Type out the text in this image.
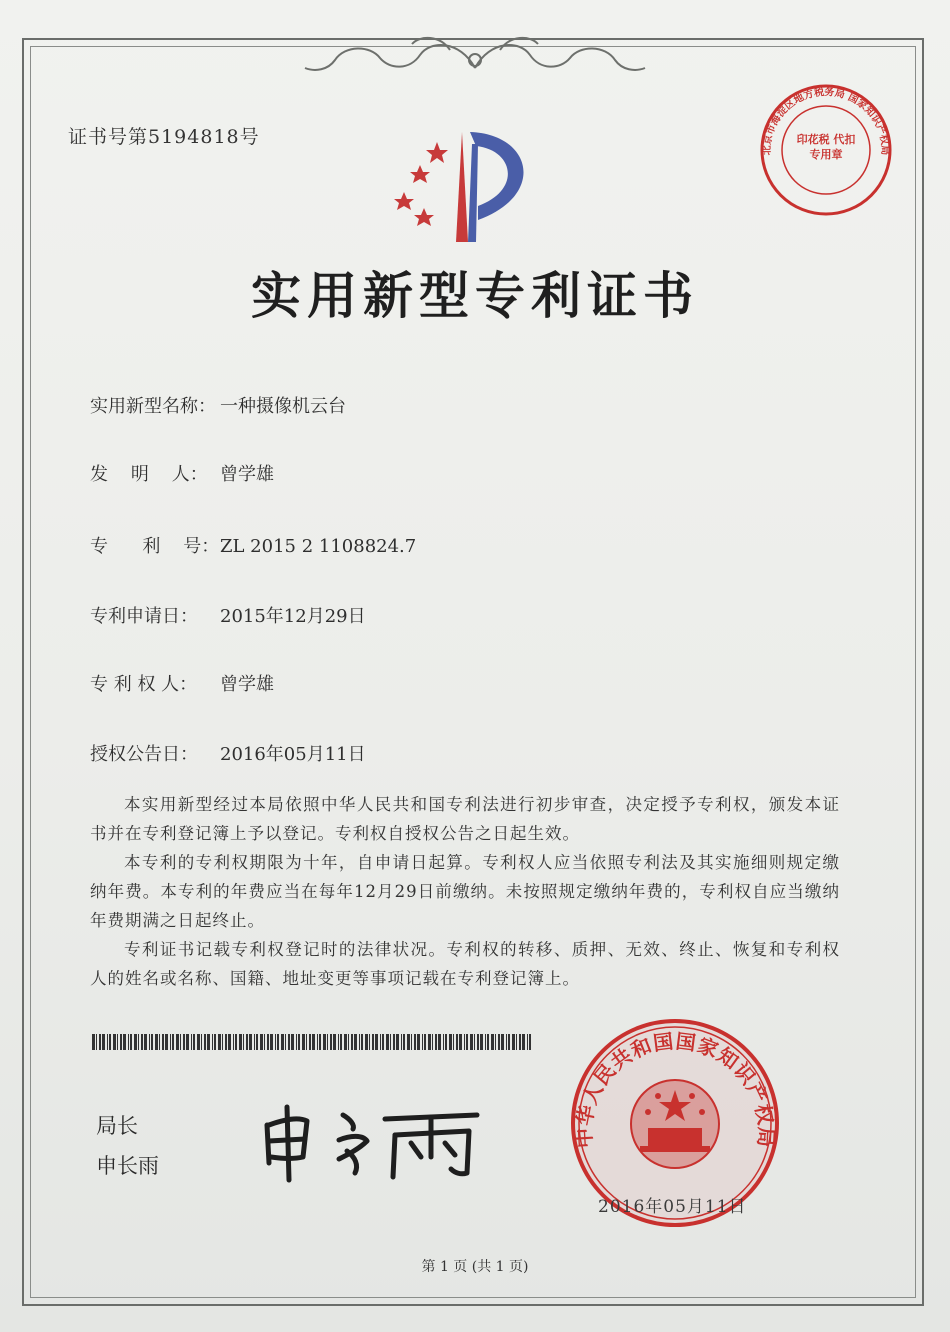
证书号第5194818号
实用新型专利证书
实用新型名称： 一种摄像机云台
发    明    人： 曾学雄
专      利    号：ZL 2015 2 1108824.7
专利申请日： 2015年12月29日
专 利 权 人： 曾学雄
授权公告日： 2016年05月11日
本实用新型经过本局依照中华人民共和国专利法进行初步审查，决定授予专利权，颁发本证书并在专利登记簿上予以登记。专利权自授权公告之日起生效。
本专利的专利权期限为十年，自申请日起算。专利权人应当依照专利法及其实施细则规定缴纳年费。本专利的年费应当在每年12月29日前缴纳。未按照规定缴纳年费的，专利权自应当缴纳年费期满之日起终止。
专利证书记载专利权登记时的法律状况。专利权的转移、质押、无效、终止、恢复和专利权人的姓名或名称、国籍、地址变更等事项记载在专利登记簿上。
局长
申长雨
中华人民共和国国家知识产权局
北京市海淀区地方税务局 国家知识产权局
印花税 代扣专用章
2016年05月11日
第 1 页 (共 1 页)
